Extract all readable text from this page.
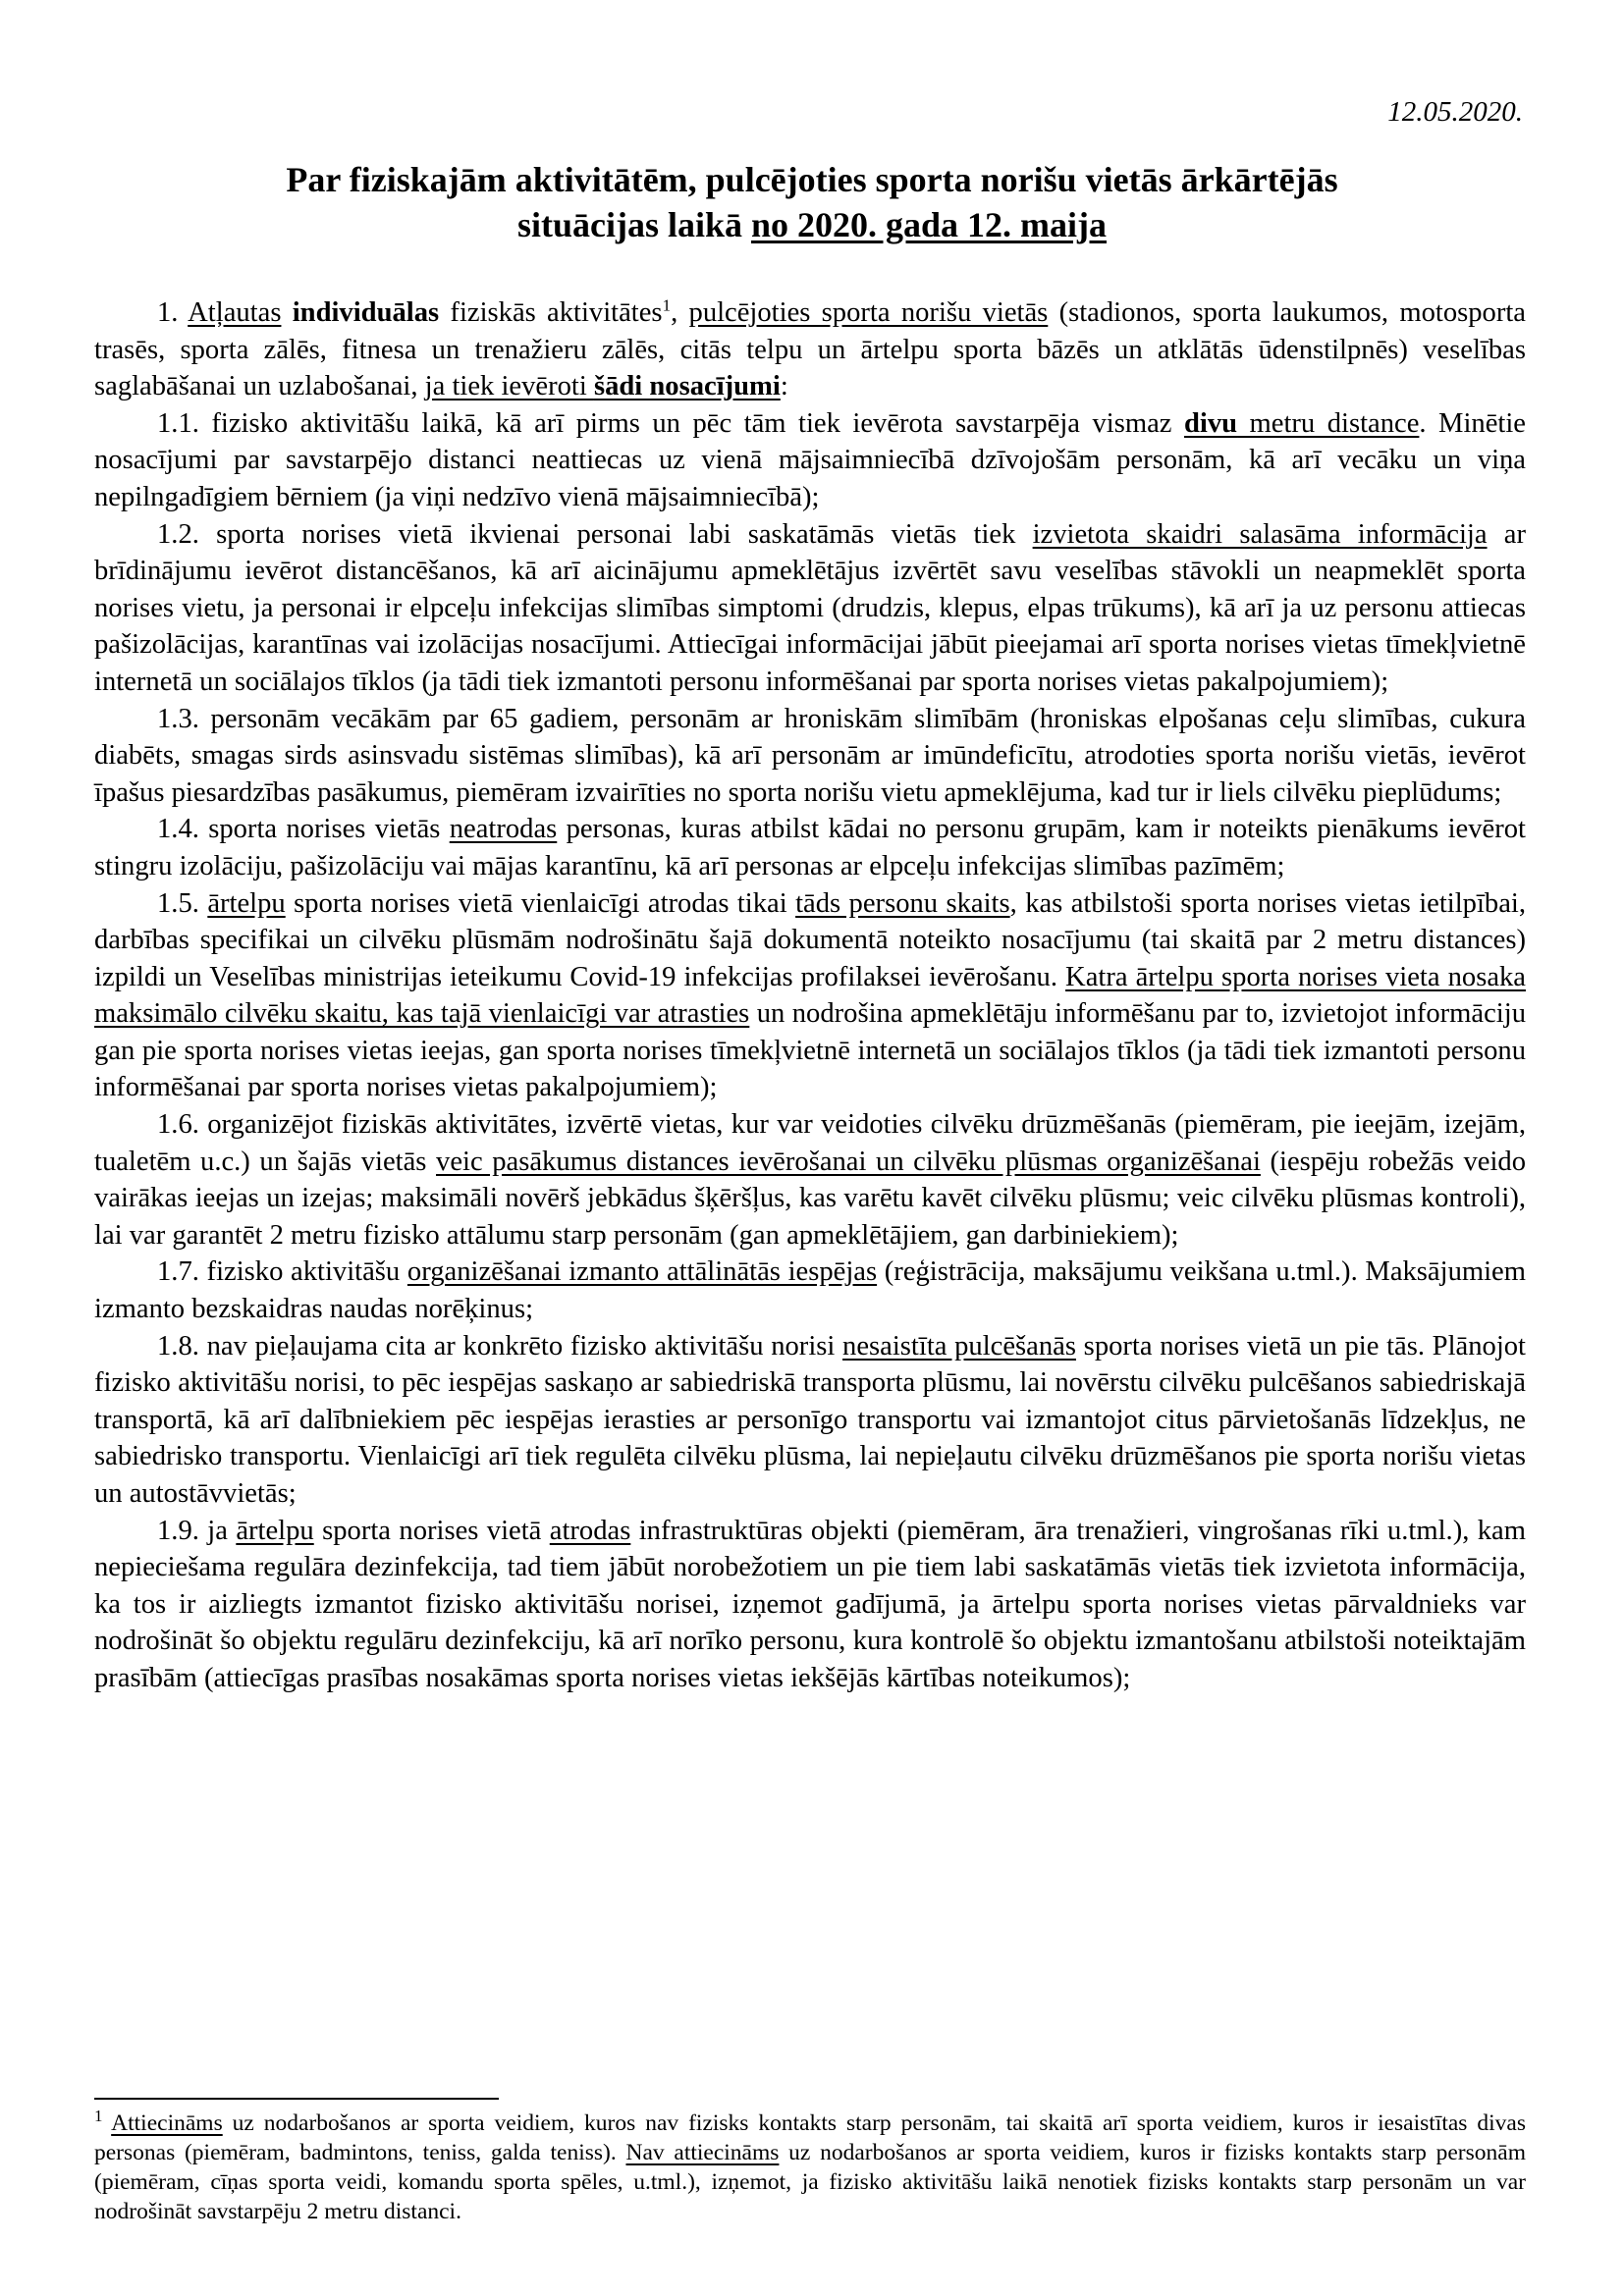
12.05.2020.
Par fiziskajām aktivitātēm, pulcējoties sporta norišu vietās ārkārtējās
situācijas laikā no 2020. gada 12. maija

1. Atļautas individuālas fiziskās aktivitātes$^1$, pulcējoties sporta norišu vietās (stadionos, sporta laukumos, motosporta trasēs, sporta zālēs, fitnesa un trenažieru zālēs, citās telpu un ārtelpu sporta bāzēs un atklātās ūdenstilpnēs) veselības saglabāšanai un uzlabošanai, ja tiek ievēroti šādi nosacījumi:

1.1. fizisko aktivitāšu laikā, kā arī pirms un pēc tām tiek ievērota savstarpēja vismaz divu metru distance. Minētie nosacījumi par savstarpējo distanci neattiecas uz vienā mājsaimniecībā dzīvojošām personām, kā arī vecāku un viņa nepilngadīgiem bērniem (ja viņi nedzīvo vienā mājsaimniecībā);

1.2. sporta norises vietā ikvienai personai labi saskatāmās vietās tiek izvietota skaidri salasāma informācija ar brīdinājumu ievērot distancēšanos, kā arī aicinājumu apmeklētājus izvērtēt savu veselības stāvokli un neapmeklēt sporta norises vietu, ja personai ir elpceļu infekcijas slimības simptomi (drudzis, klepus, elpas trūkums), kā arī ja uz personu attiecas pašizolācijas, karantīnas vai izolācijas nosacījumi. Attiecīgai informācijai jābūt pieejamai arī sporta norises vietas tīmekļvietnē internetā un sociālajos tīklos (ja tādi tiek izmantoti personu informēšanai par sporta norises vietas pakalpojumiem);

1.3. personām vecākām par 65 gadiem, personām ar hroniskām slimībām (hroniskas elpošanas ceļu slimības, cukura diabēts, smagas sirds asinsvadu sistēmas slimības), kā arī personām ar imūndeficītu, atrodoties sporta norišu vietās, ievērot īpašus piesardzības pasākumus, piemēram izvairīties no sporta norišu vietu apmeklējuma, kad tur ir liels cilvēku pieplūdums;

1.4. sporta norises vietās neatrodas personas, kuras atbilst kādai no personu grupām, kam ir noteikts pienākums ievērot stingru izolāciju, pašizolāciju vai mājas karantīnu, kā arī personas ar elpceļu infekcijas slimības pazīmēm;

1.5. ārtelpu sporta norises vietā vienlaicīgi atrodas tikai tāds personu skaits, kas atbilstoši sporta norises vietas ietilpībai, darbības specifikai un cilvēku plūsmām nodrošinātu šajā dokumentā noteikto nosacījumu (tai skaitā par 2 metru distances) izpildi un Veselības ministrijas ieteikumu Covid-19 infekcijas profilaksei ievērošanu. Katra ārtelpu sporta norises vieta nosaka maksimālo cilvēku skaitu, kas tajā vienlaicīgi var atrasties un nodrošina apmeklētāju informēšanu par to, izvietojot informāciju gan pie sporta norises vietas ieejas, gan sporta norises tīmekļvietnē internetā un sociālajos tīklos (ja tādi tiek izmantoti personu informēšanai par sporta norises vietas pakalpojumiem);

1.6. organizējot fiziskās aktivitātes, izvērtē vietas, kur var veidoties cilvēku drūzmēšanās (piemēram, pie ieejām, izejām, tualetēm u.c.) un šajās vietās veic pasākumus distances ievērošanai un cilvēku plūsmas organizēšanai (iespēju robežās veido vairākas ieejas un izejas; maksimāli novērš jebkādus šķēršļus, kas varētu kavēt cilvēku plūsmu; veic cilvēku plūsmas kontroli), lai var garantēt 2 metru fizisko attālumu starp personām (gan apmeklētājiem, gan darbiniekiem);

1.7. fizisko aktivitāšu organizēšanai izmanto attālinātās iespējas (reģistrācija, maksājumu veikšana u.tml.). Maksājumiem izmanto bezskaidras naudas norēķinus;

1.8. nav pieļaujama cita ar konkrēto fizisko aktivitāšu norisi nesaistīta pulcēšanās sporta norises vietā un pie tās. Plānojot fizisko aktivitāšu norisi, to pēc iespējas saskaņo ar sabiedriskā transporta plūsmu, lai novērstu cilvēku pulcēšanos sabiedriskajā transportā, kā arī dalībniekiem pēc iespējas ierasties ar personīgo transportu vai izmantojot citus pārvietošanās līdzekļus, ne sabiedrisko transportu. Vienlaicīgi arī tiek regulēta cilvēku plūsma, lai nepieļautu cilvēku drūzmēšanos pie sporta norišu vietas un autostāvvietās;

1.9. ja ārtelpu sporta norises vietā atrodas infrastruktūras objekti (piemēram, āra trenažieri, vingrošanas rīki u.tml.), kam nepieciešama regulāra dezinfekcija, tad tiem jābūt norobežotiem un pie tiem labi saskatāmās vietās tiek izvietota informācija, ka tos ir aizliegts izmantot fizisko aktivitāšu norisei, izņemot gadījumā, ja ārtelpu sporta norises vietas pārvaldnieks var nodrošināt šo objektu regulāru dezinfekciju, kā arī norīko personu, kura kontrolē šo objektu izmantošanu atbilstoši noteiktajām prasībām (attiecīgas prasības nosakāmas sporta norises vietas iekšējās kārtības noteikumos);

$^1$ Attiecināms uz nodarbošanos ar sporta veidiem, kuros nav fizisks kontakts starp personām, tai skaitā arī sporta veidiem, kuros ir iesaistītas divas personas (piemēram, badmintons, teniss, galda teniss). Nav attiecināms uz nodarbošanos ar sporta veidiem, kuros ir fizisks kontakts starp personām (piemēram, cīņas sporta veidi, komandu sporta spēles, u.tml.), izņemot, ja fizisko aktivitāšu laikā nenotiek fizisks kontakts starp personām un var nodrošināt savstarpēju 2 metru distanci.
